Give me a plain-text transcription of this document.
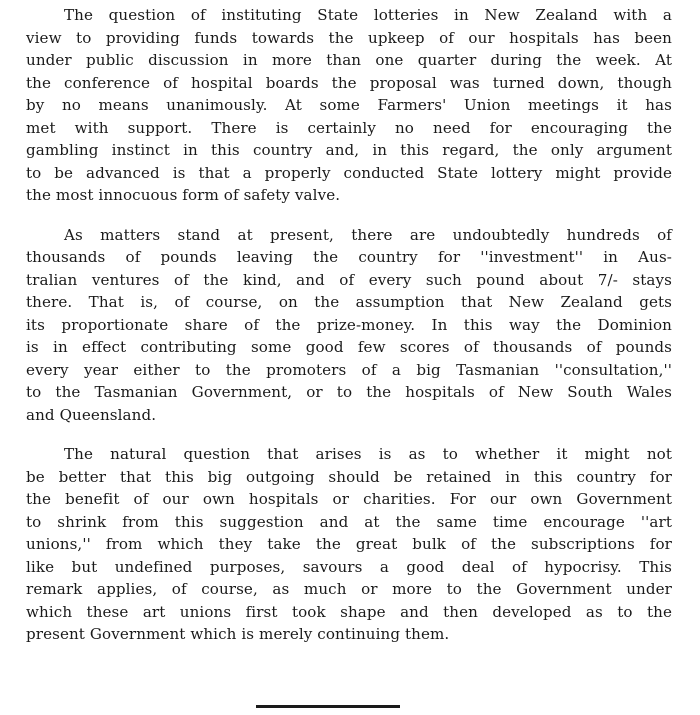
The question of instituting State lotteries in New Zealand with a
view to providing funds towards the upkeep of our hospitals has been
under public discussion in more than one quarter during the week. At
the conference of hospital boards the proposal was turned down, though
by no means unanimously. At some Farmers' Union meetings it has
met with support. There is certainly no need for encouraging the
gambling instinct in this country and, in this regard, the only argument
to be advanced is that a properly conducted State lottery might provide
the most innocuous form of safety valve.
As matters stand at present, there are undoubtedly hundreds of
thousands of pounds leaving the country for ''investment'' in Aus-
tralian ventures of the kind, and of every such pound about 7/- stays
there. That is, of course, on the assumption that New Zealand gets
its proportionate share of the prize-money. In this way the Dominion
is in effect contributing some good few scores of thousands of pounds
every year either to the promoters of a big Tasmanian ''consultation,''
to the Tasmanian Government, or to the hospitals of New South Wales
and Queensland.
The natural question that arises is as to whether it might not
be better that this big outgoing should be retained in this country for
the benefit of our own hospitals or charities. For our own Government
to shrink from this suggestion and at the same time encourage ''art
unions,'' from which they take the great bulk of the subscriptions for
like but undefined purposes, savours a good deal of hypocrisy. This
remark applies, of course, as much or more to the Government under
which these art unions first took shape and then developed as to the
present Government which is merely continuing them.
